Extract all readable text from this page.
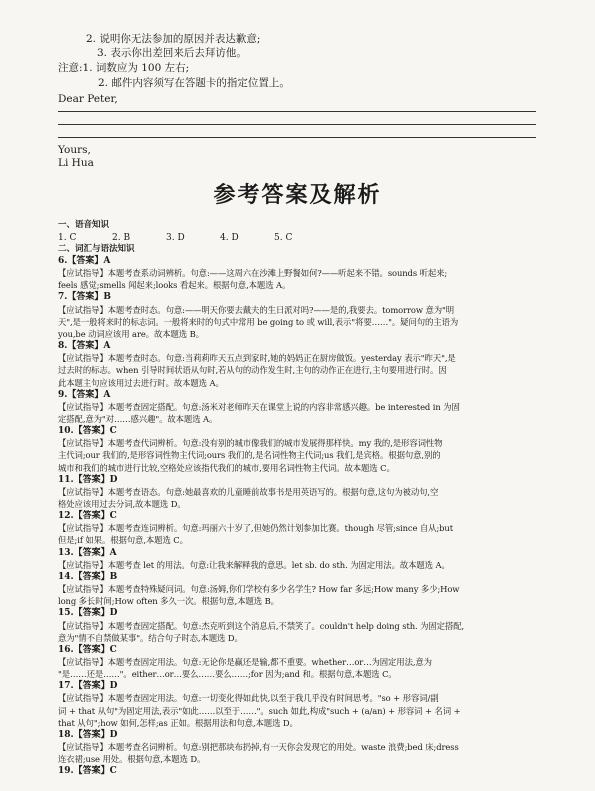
2. 说明你无法参加的原因并表达歉意;
3. 表示你出差回来后去拜访他。
注意:1. 词数应为 100 左右;
2. 邮件内容须写在答题卡的指定位置上。
Dear Peter,
Yours,
Li Hua
参考答案及解析
一、语音知识
1. C	2. B	3. D	4. D	5. C
二、词汇与语法知识
6.【答案】A
【应试指导】本题考查系动词辨析。句意:——这周六在沙滩上野餐如何?——听起来不错。sounds 听起来;
feels 感觉;smells 闻起来;looks 看起来。根据句意,本题选 A。
7.【答案】B
【应试指导】本题考查时态。句意:——明天你要去戴夫的生日派对吗?——是的,我要去。tomorrow 意为"明
天",是一般将来时的标志词。一般将来时的句式中常用 be going to 或 will,表示"将要……"。疑问句的主语为
you,be 动词应该用 are。故本题选 B。
8.【答案】A
【应试指导】本题考查时态。句意:当莉莉昨天五点到家时,她的妈妈正在厨房做饭。yesterday 表示"昨天",是
过去时的标志。when 引导时间状语从句时,若从句的动作发生时,主句的动作正在进行,主句要用进行时。因
此本题主句应该用过去进行时。故本题选 A。
9.【答案】A
【应试指导】本题考查固定搭配。句意:汤米对老师昨天在课堂上说的内容非常感兴趣。be interested in 为固
定搭配,意为"对……感兴趣"。故本题选 A。
10.【答案】C
【应试指导】本题考查代词辨析。句意:没有别的城市像我们的城市发展得那样快。my 我的,是形容词性物
主代词;our 我们的,是形容词性物主代词;ours 我们的,是名词性物主代词;us 我们,是宾格。根据句意,别的
城市和我们的城市进行比较,空格处应该指代我们的城市,要用名词性物主代词。故本题选 C。
11.【答案】D
【应试指导】本题考查语态。句意:她最喜欢的儿童睡前故事书是用英语写的。根据句意,这句为被动句,空
格处应该用过去分词,故本题选 D。
12.【答案】C
【应试指导】本题考查连词辨析。句意:玛丽六十岁了,但她仍然计划参加比赛。though 尽管;since 自从;but
但是;if 如果。根据句意,本题选 C。
13.【答案】A
【应试指导】本题考查 let 的用法。句意:让我来解释我的意思。let sb. do sth. 为固定用法。故本题选 A。
14.【答案】B
【应试指导】本题考查特殊疑问词。句意:汤姆,你们学校有多少名学生? How far 多远;How many 多少;How
long 多长时间;How often 多久一次。根据句意,本题选 B。
15.【答案】D
【应试指导】本题考查固定搭配。句意:杰克听到这个消息后,不禁笑了。couldn't help doing sth. 为固定搭配,
意为"情不自禁做某事"。结合句子时态,本题选 D。
16.【答案】C
【应试指导】本题考查固定用法。句意:无论你是赢还是输,都不重要。whether…or…为固定用法,意为
"是……还是……"。either…or…要么……要么……;for 因为;and 和。根据句意,本题选 C。
17.【答案】D
【应试指导】本题考查固定用法。句意:一切变化得如此快,以至于我几乎没有时间思考。"so + 形容词/副
词 + that 从句"为固定用法,表示"如此……以至于……"。such 如此,构成"such + (a/an) + 形容词 + 名词 +
that 从句";how 如何,怎样;as 正如。根据用法和句意,本题选 D。
18.【答案】D
【应试指导】本题考查名词辨析。句意:别把那块布扔掉,有一天你会发现它的用处。waste 浪费;bed 床;dress
连衣裙;use 用处。根据句意,本题选 D。
19.【答案】C
